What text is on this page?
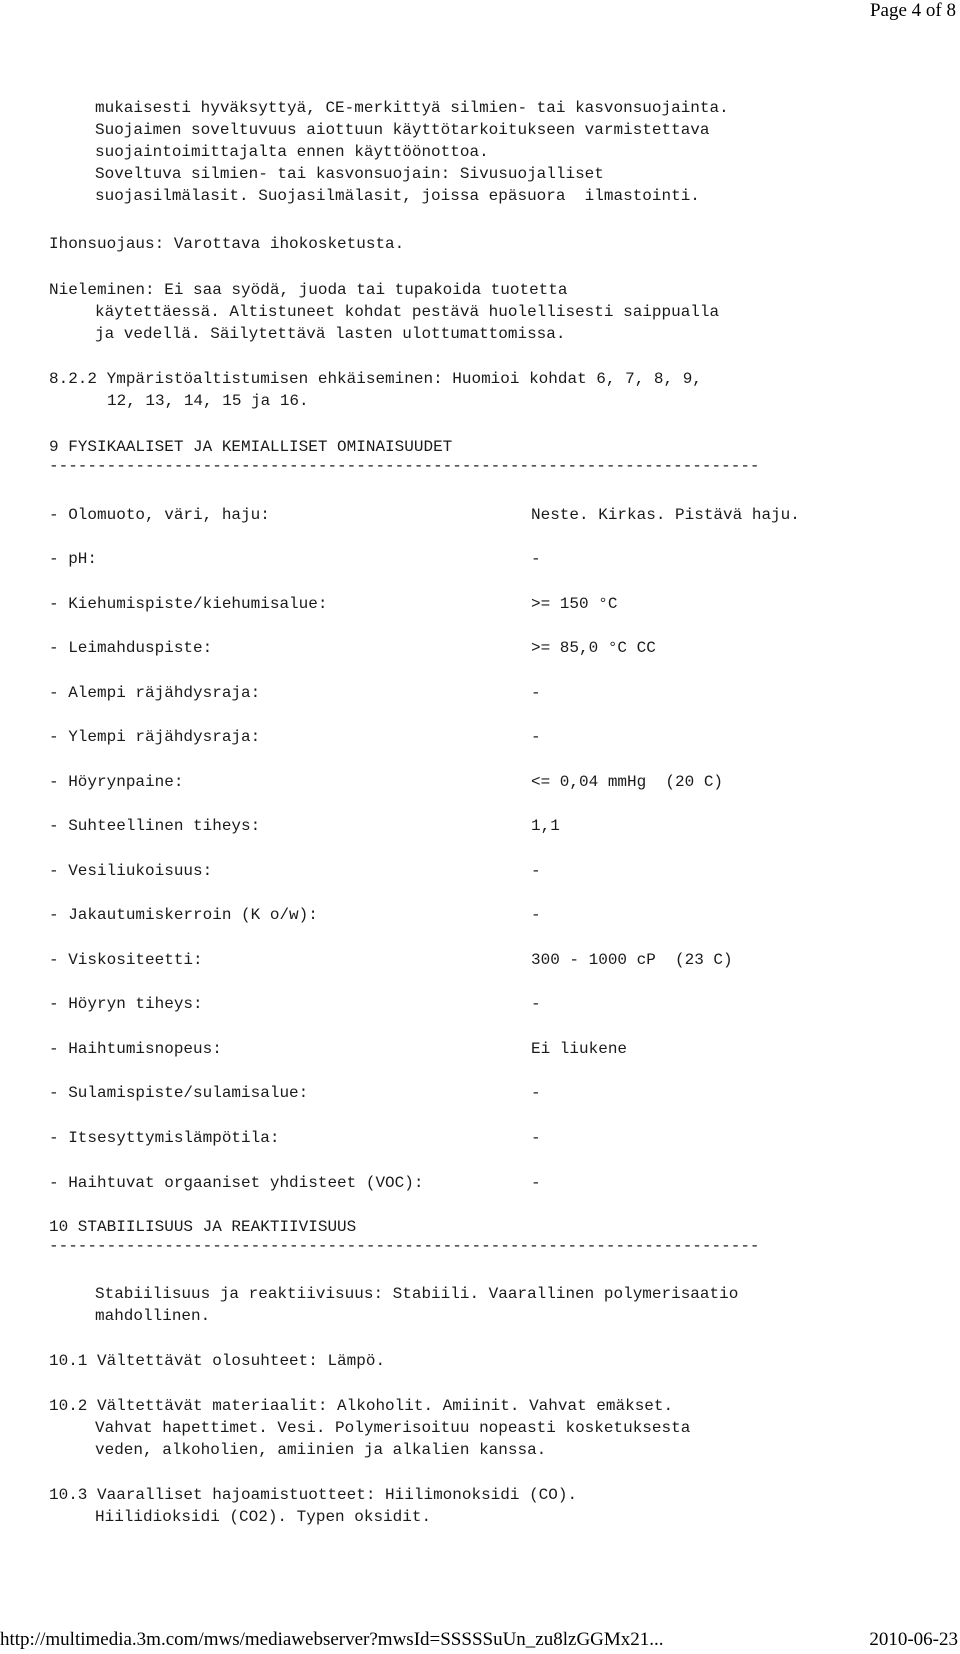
Page 4 of 8
mukaisesti hyväksyttyä, CE-merkittyä silmien- tai kasvonsuojainta.
Suojaimen soveltuvuus aiottuun käyttötarkoitukseen varmistettava
suojaintoimittajalta ennen käyttöönottoa.
Soveltuva silmien- tai kasvonsuojain: Sivusuojalliset
suojasilmälasit. Suojasilmälasit, joissa epäsuora  ilmastointi.
Ihonsuojaus: Varottava ihokosketusta.
Nieleminen: Ei saa syödä, juoda tai tupakoida tuotetta
käytettäessä. Altistuneet kohdat pestävä huolellisesti saippualla
ja vedellä. Säilytettävä lasten ulottumattomissa.
8.2.2 Ympäristöaltistumisen ehkäiseminen: Huomioi kohdat 6, 7, 8, 9,
12, 13, 14, 15 ja 16.
9 FYSIKAALISET JA KEMIALLISET OMINAISUUDET
--------------------------------------------------------------------------
- Olomuoto, väri, haju:	Neste. Kirkas. Pistävä haju.
- pH:	-
- Kiehumispiste/kiehumisalue:	>= 150 °C
- Leimahduspiste:	>= 85,0 °C CC
- Alempi räjähdysraja:	-
- Ylempi räjähdysraja:	-
- Höyrynpaine:	<= 0,04 mmHg  (20 C)
- Suhteellinen tiheys:	1,1
- Vesiliukoisuus:	-
- Jakautumiskerroin (K o/w):	-
- Viskositeetti:	300 - 1000 cP  (23 C)
- Höyryn tiheys:	-
- Haihtumisnopeus:	Ei liukene
- Sulamispiste/sulamisalue:	-
- Itsesyttymislämpötila:	-
- Haihtuvat orgaaniset yhdisteet (VOC):	-
10 STABIILISUUS JA REAKTIIVISUUS
--------------------------------------------------------------------------
Stabiilisuus ja reaktiivisuus: Stabiili. Vaarallinen polymerisaatio
mahdollinen.
10.1 Vältettävät olosuhteet: Lämpö.
10.2 Vältettävät materiaalit: Alkoholit. Amiinit. Vahvat emäkset.
Vahvat hapettimet. Vesi. Polymerisoituu nopeasti kosketuksesta
veden, alkoholien, amiinien ja alkalien kanssa.
10.3 Vaaralliset hajoamistuotteet: Hiilimonoksidi (CO).
Hiilidioksidi (CO2). Typen oksidit.
http://multimedia.3m.com/mws/mediawebserver?mwsId=SSSSSuUn_zu8lzGGMx21...	2010-06-23
